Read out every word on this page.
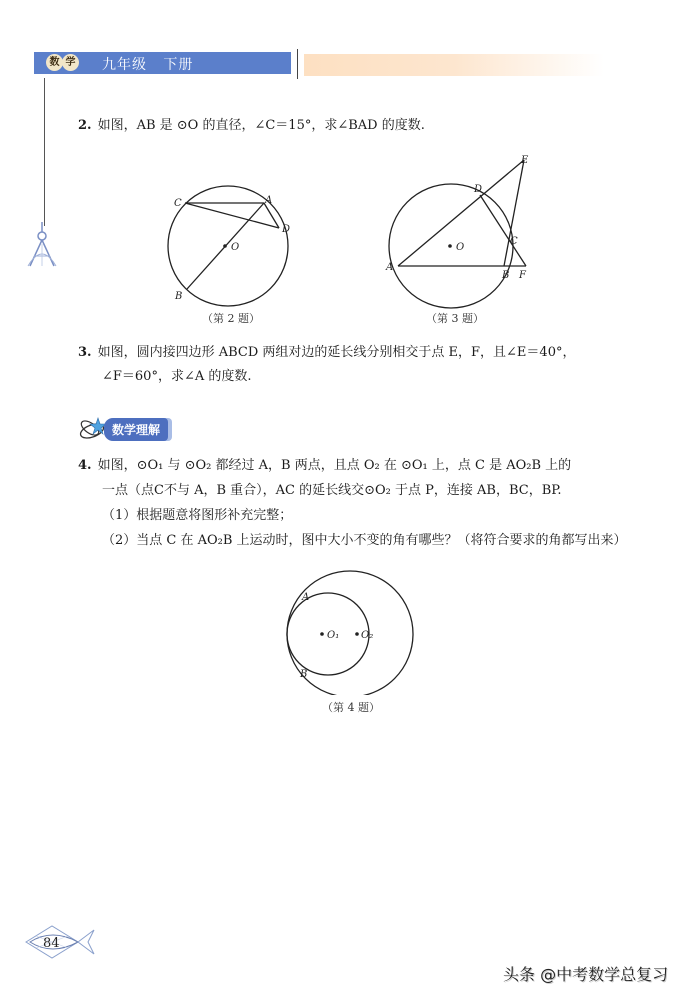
数 学 九年级   下册
2. 如图，AB 是 ⊙O 的直径，∠C＝15°，求∠BAD 的度数.
C	A
D
O
B
（第 2 题）
E
D
C
O
A
B F
（第 3 题）
3. 如图，圆内接四边形 ABCD 两组对边的延长线分别相交于点 E，F，且∠E＝40°，
∠F＝60°，求∠A 的度数.
数学理解
4. 如图，⊙O₁ 与 ⊙O₂ 都经过 A，B 两点，且点 O₂ 在 ⊙O₁ 上，点 C 是 AO₂B 上的
一点（点C不与 A，B 重合），AC 的延长线交⊙O₂ 于点 P，连接 AB，BC，BP.
（1）根据题意将图形补充完整；
（2）当点 C 在 AO₂B 上运动时，图中大小不变的角有哪些？（将符合要求的角都写出来）
A
O₁ O₂
B
（第 4 题）
84
头条 @中考数学总复习
